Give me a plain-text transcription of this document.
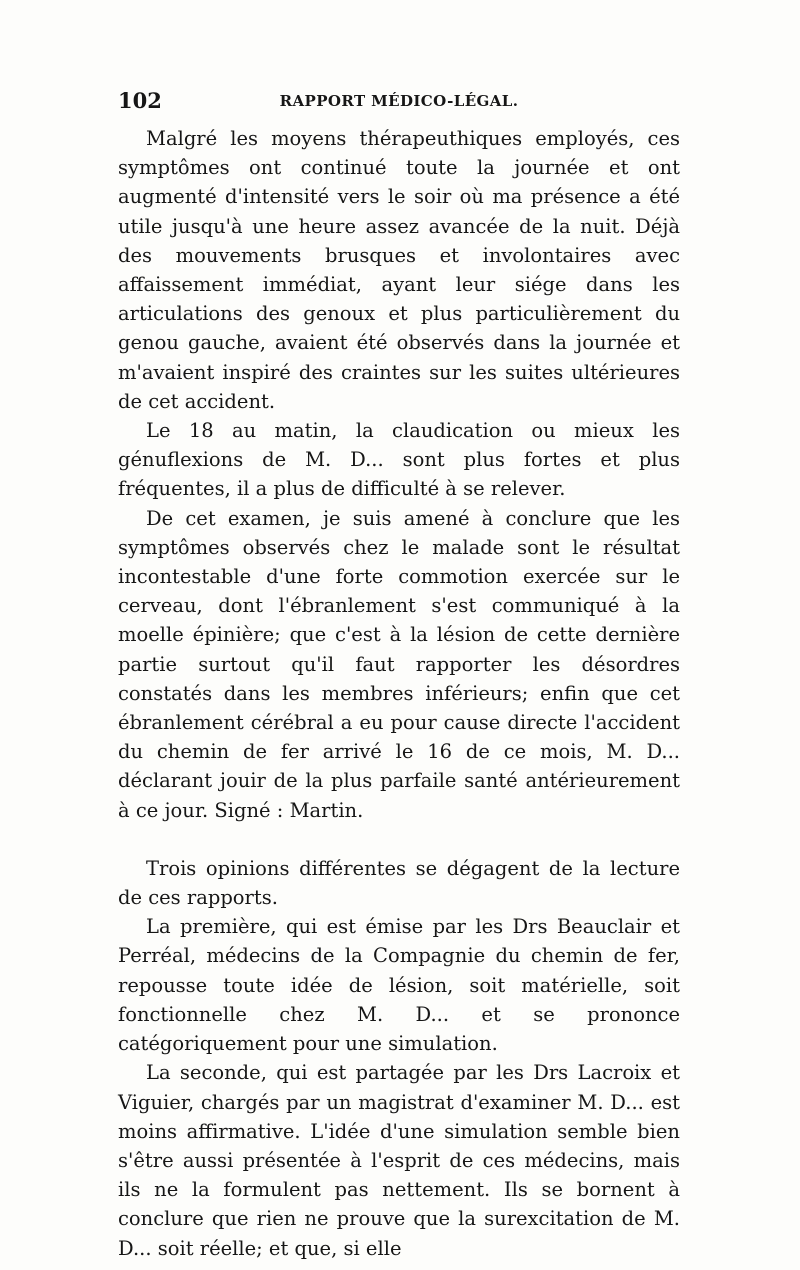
102	RAPPORT MÉDICO-LÉGAL.

Malgré les moyens thérapeuthiques employés, ces symptômes ont continué toute la journée et ont augmenté d'intensité vers le soir où ma présence a été utile jusqu'à une heure assez avancée de la nuit. Déjà des mouvements brusques et involontaires avec affaissement immédiat, ayant leur siége dans les articulations des genoux et plus particulièrement du genou gauche, avaient été observés dans la journée et m'avaient inspiré des craintes sur les suites ultérieures de cet accident.

Le 18 au matin, la claudication ou mieux les génuflexions de M. D... sont plus fortes et plus fréquentes, il a plus de difficulté à se relever.

De cet examen, je suis amené à conclure que les symptômes observés chez le malade sont le résultat incontestable d'une forte commotion exercée sur le cerveau, dont l'ébranlement s'est communiqué à la moelle épinière; que c'est à la lésion de cette dernière partie surtout qu'il faut rapporter les désordres constatés dans les membres inférieurs; enfin que cet ébranlement cérébral a eu pour cause directe l'accident du chemin de fer arrivé le 16 de ce mois, M. D... déclarant jouir de la plus parfaile santé antérieurement à ce jour. Signé : Martin.

Trois opinions différentes se dégagent de la lecture de ces rapports.

La première, qui est émise par les Drs Beauclair et Perréal, médecins de la Compagnie du chemin de fer, repousse toute idée de lésion, soit matérielle, soit fonctionnelle chez M. D... et se prononce catégoriquement pour une simulation.

La seconde, qui est partagée par les Drs Lacroix et Viguier, chargés par un magistrat d'examiner M. D... est moins affirmative. L'idée d'une simulation semble bien s'être aussi présentée à l'esprit de ces médecins, mais ils ne la formulent pas nettement. Ils se bornent à conclure que rien ne prouve que la surexcitation de M. D... soit réelle; et que, si elle
